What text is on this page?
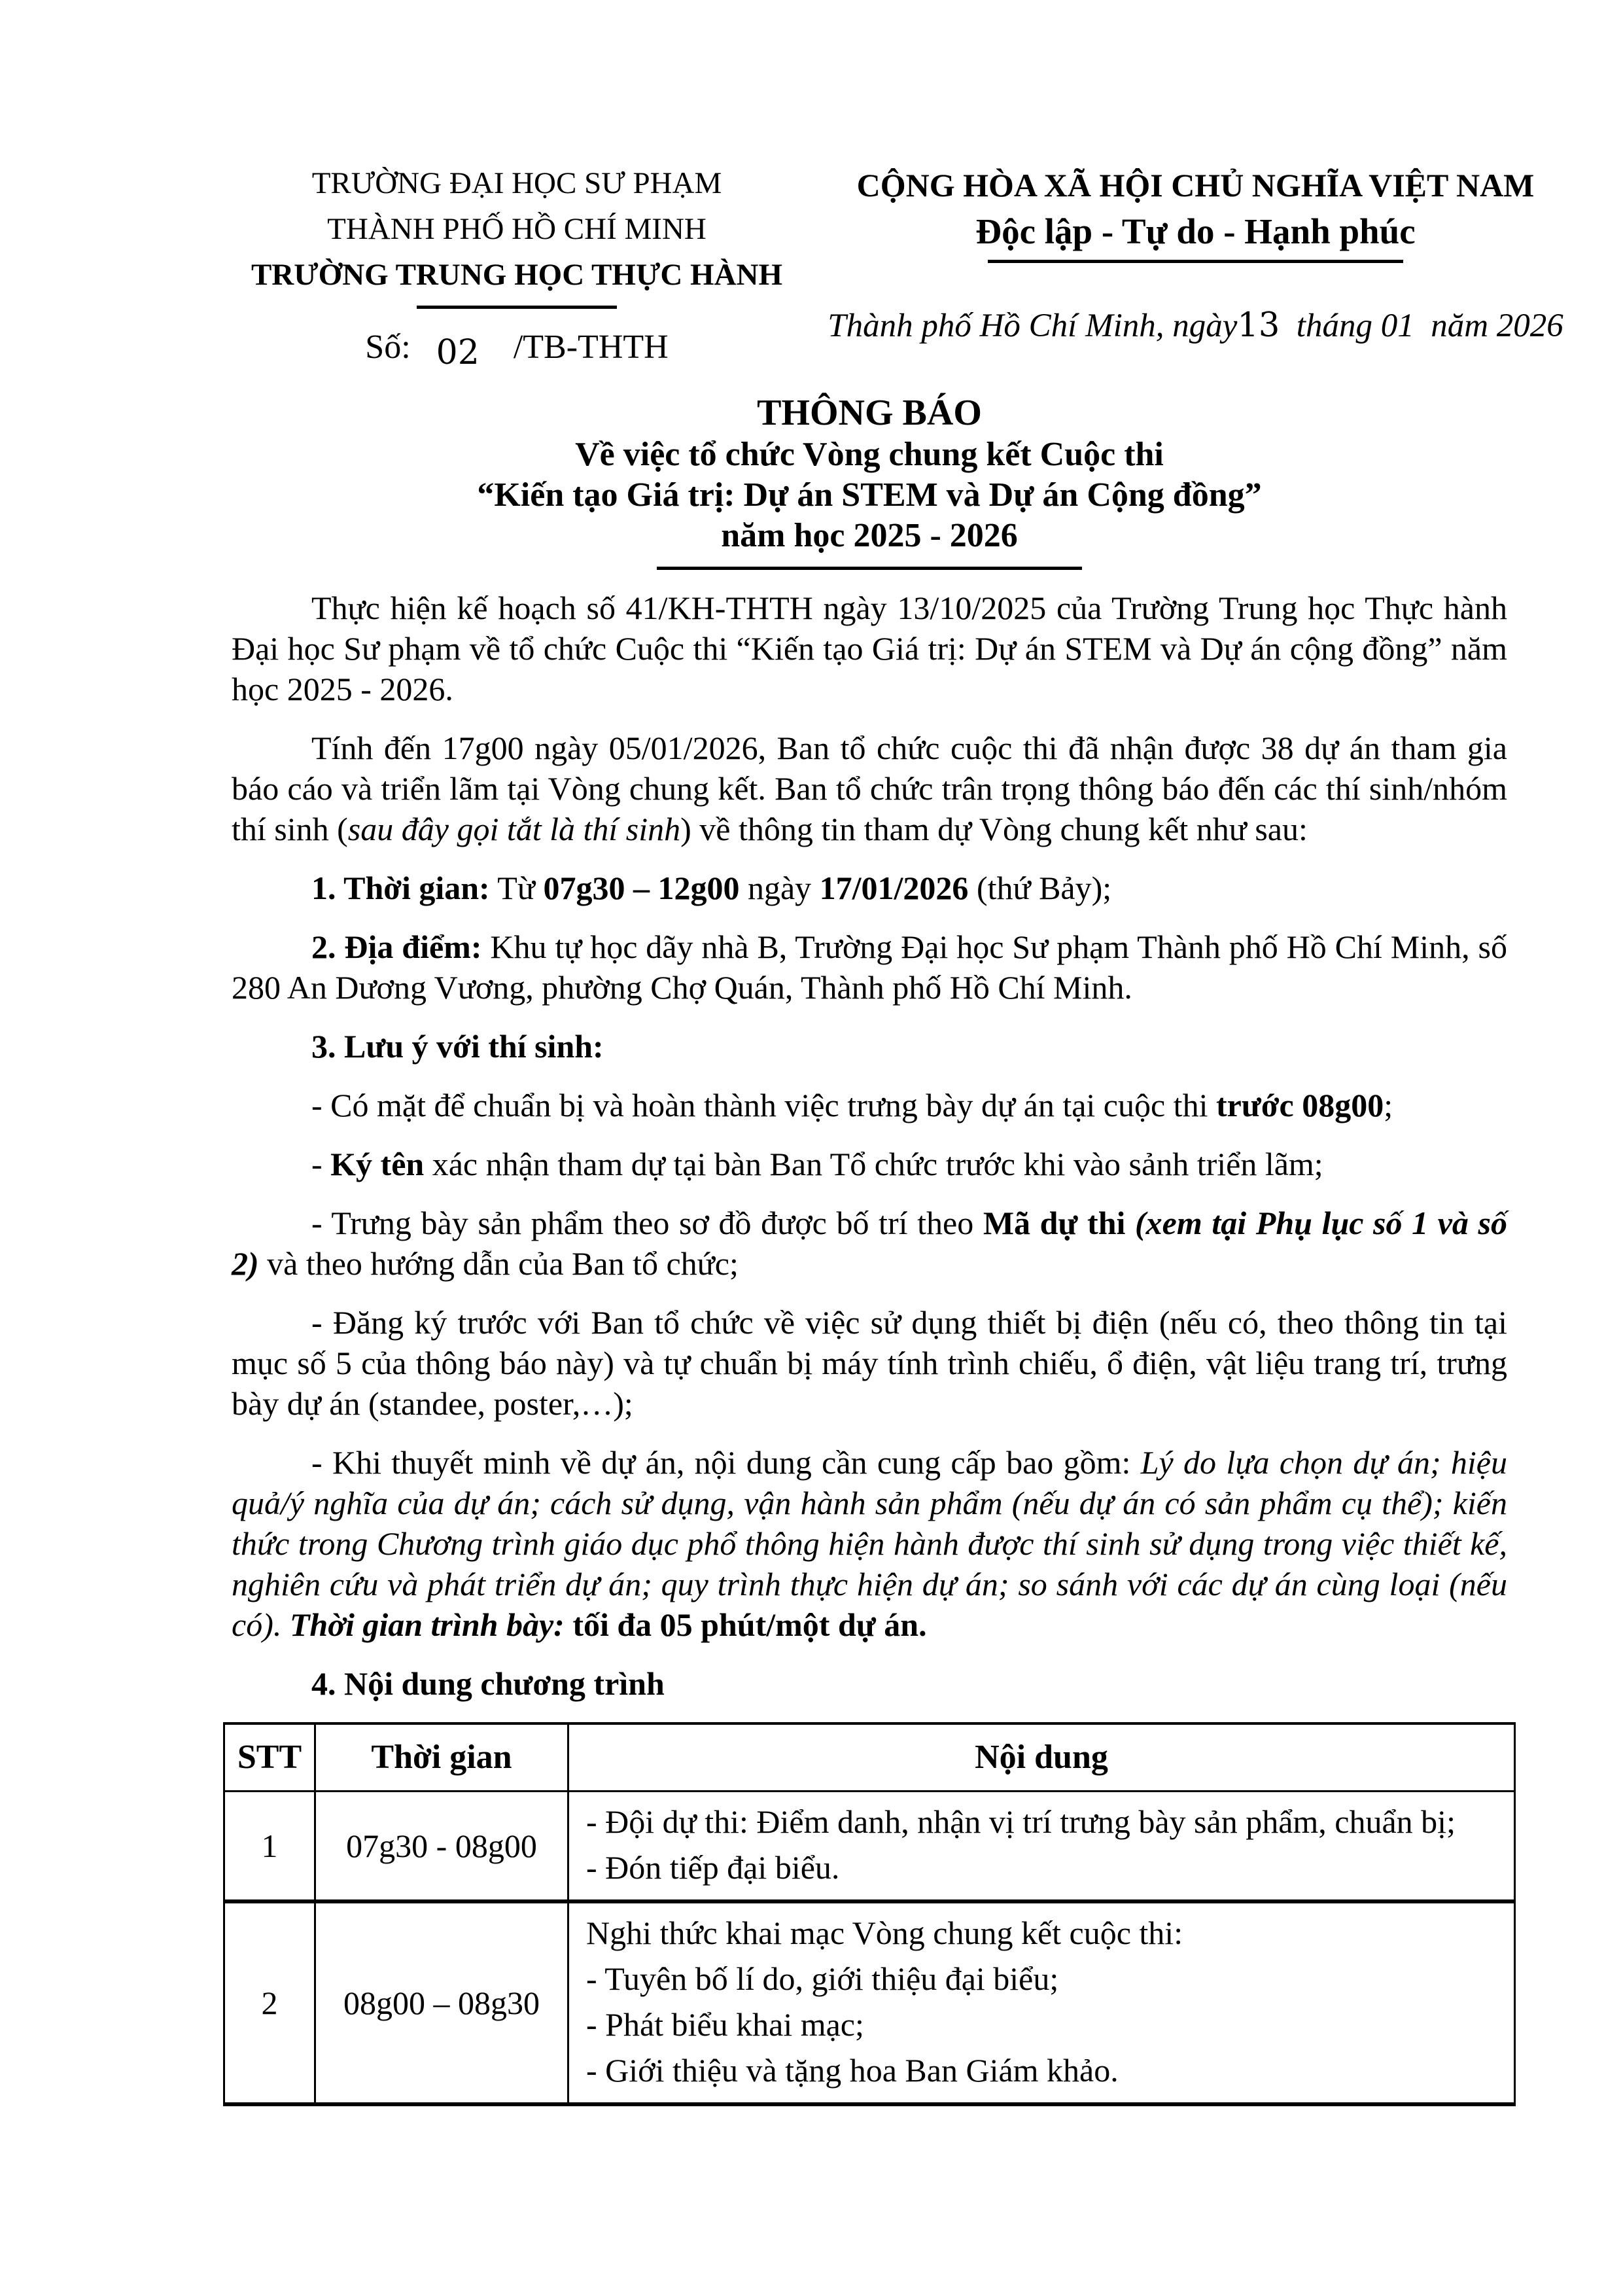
TRƯỜNG ĐẠI HỌC SƯ PHẠM
THÀNH PHỐ HỒ CHÍ MINH
TRƯỜNG TRUNG HỌC THỰC HÀNH
Số: 02 /TB-THTH
CỘNG HÒA XÃ HỘI CHỦ NGHĨA VIỆT NAM
Độc lập - Tự do - Hạnh phúc
Thành phố Hồ Chí Minh, ngày13  tháng 01  năm 2026
THÔNG BÁO
Về việc tổ chức Vòng chung kết Cuộc thi
“Kiến tạo Giá trị: Dự án STEM và Dự án Cộng đồng”
năm học 2025 - 2026

Thực hiện kế hoạch số 41/KH-THTH ngày 13/10/2025 của Trường Trung học Thực hành Đại học Sư phạm về tổ chức Cuộc thi “Kiến tạo Giá trị: Dự án STEM và Dự án cộng đồng” năm học 2025 - 2026.

Tính đến 17g00 ngày 05/01/2026, Ban tổ chức cuộc thi đã nhận được 38 dự án tham gia báo cáo và triển lãm tại Vòng chung kết. Ban tổ chức trân trọng thông báo đến các thí sinh/nhóm thí sinh (sau đây gọi tắt là thí sinh) về thông tin tham dự Vòng chung kết như sau:

1. Thời gian: Từ 07g30 – 12g00 ngày 17/01/2026 (thứ Bảy);

2. Địa điểm: Khu tự học dãy nhà B, Trường Đại học Sư phạm Thành phố Hồ Chí Minh, số 280 An Dương Vương, phường Chợ Quán, Thành phố Hồ Chí Minh.

3. Lưu ý với thí sinh:

- Có mặt để chuẩn bị và hoàn thành việc trưng bày dự án tại cuộc thi trước 08g00;

- Ký tên xác nhận tham dự tại bàn Ban Tổ chức trước khi vào sảnh triển lãm;

- Trưng bày sản phẩm theo sơ đồ được bố trí theo Mã dự thi (xem tại Phụ lục số 1 và số 2) và theo hướng dẫn của Ban tổ chức;

- Đăng ký trước với Ban tổ chức về việc sử dụng thiết bị điện (nếu có, theo thông tin tại mục số 5 của thông báo này) và tự chuẩn bị máy tính trình chiếu, ổ điện, vật liệu trang trí, trưng bày dự án (standee, poster,…);

- Khi thuyết minh về dự án, nội dung cần cung cấp bao gồm: Lý do lựa chọn dự án; hiệu quả/ý nghĩa của dự án; cách sử dụng, vận hành sản phẩm (nếu dự án có sản phẩm cụ thể); kiến thức trong Chương trình giáo dục phổ thông hiện hành được thí sinh sử dụng trong việc thiết kế, nghiên cứu và phát triển dự án; quy trình thực hiện dự án; so sánh với các dự án cùng loại (nếu có). Thời gian trình bày: tối đa 05 phút/một dự án.

4. Nội dung chương trình

STT	Thời gian	Nội dung
1	07g30 - 08g00	- Đội dự thi: Điểm danh, nhận vị trí trưng bày sản phẩm, chuẩn bị;
- Đón tiếp đại biểu.

2	08g00 – 08g30	Nghi thức khai mạc Vòng chung kết cuộc thi:
- Tuyên bố lí do, giới thiệu đại biểu;
- Phát biểu khai mạc;
- Giới thiệu và tặng hoa Ban Giám khảo.
